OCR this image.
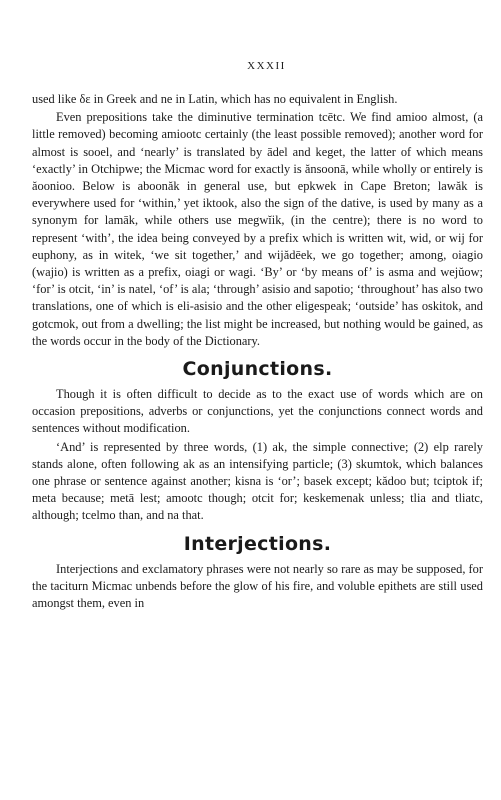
XXXII

used like δε in Greek and ne in Latin, which has no equivalent in English.

Even prepositions take the diminutive termination tcētc. We find amioo almost, (a little removed) becoming amiootc certainly (the least possible removed); another word for almost is sooel, and ‘nearly’ is translated by ādel and keget, the latter of which means ‘exactly’ in Otchipwe; the Micmac word for exactly is ănsoonā, while wholly or entirely is ăoonioo. Below is aboonăk in general use, but epkwek in Cape Breton; lawăk is everywhere used for ‘within,’ yet iktook, also the sign of the dative, is used by many as a synonym for lamāk, while others use megwĭik, (in the centre); there is no word to represent ‘with’, the idea being conveyed by a prefix which is written wit, wid, or wij for euphony, as in witek, ‘we sit together,’ and wijădēek, we go together; among, oiagio (wajio) is written as a prefix, oiagi or wagi. ‘By’ or ‘by means of’ is asma and wejŭow; ‘for’ is otcit, ‘in’ is natel, ‘of’ is ala; ‘through’ asisio and sapotio; ‘throughout’ has also two translations, one of which is eli-asisio and the other eligespeak; ‘outside’ has oskitok, and gotcmok, out from a dwelling; the list might be increased, but nothing would be gained, as the words occur in the body of the Dictionary.

Conjunctions.

Though it is often difficult to decide as to the exact use of words which are on occasion prepositions, adverbs or conjunctions, yet the conjunctions connect words and sentences without modification.

‘And’ is represented by three words, (1) ak, the simple connective; (2) elp rarely stands alone, often following ak as an intensifying particle; (3) skumtok, which balances one phrase or sentence against another; kisna is ‘or’; basek except; kădoo but; tciptok if; meta because; metā lest; amootc though; otcit for; keskemenak unless; tlia and tliatc, although; tcelmo than, and na that.

Interjections.

Interjections and exclamatory phrases were not nearly so rare as may be supposed, for the taciturn Micmac unbends before the glow of his fire, and voluble epithets are still used amongst them, even in
